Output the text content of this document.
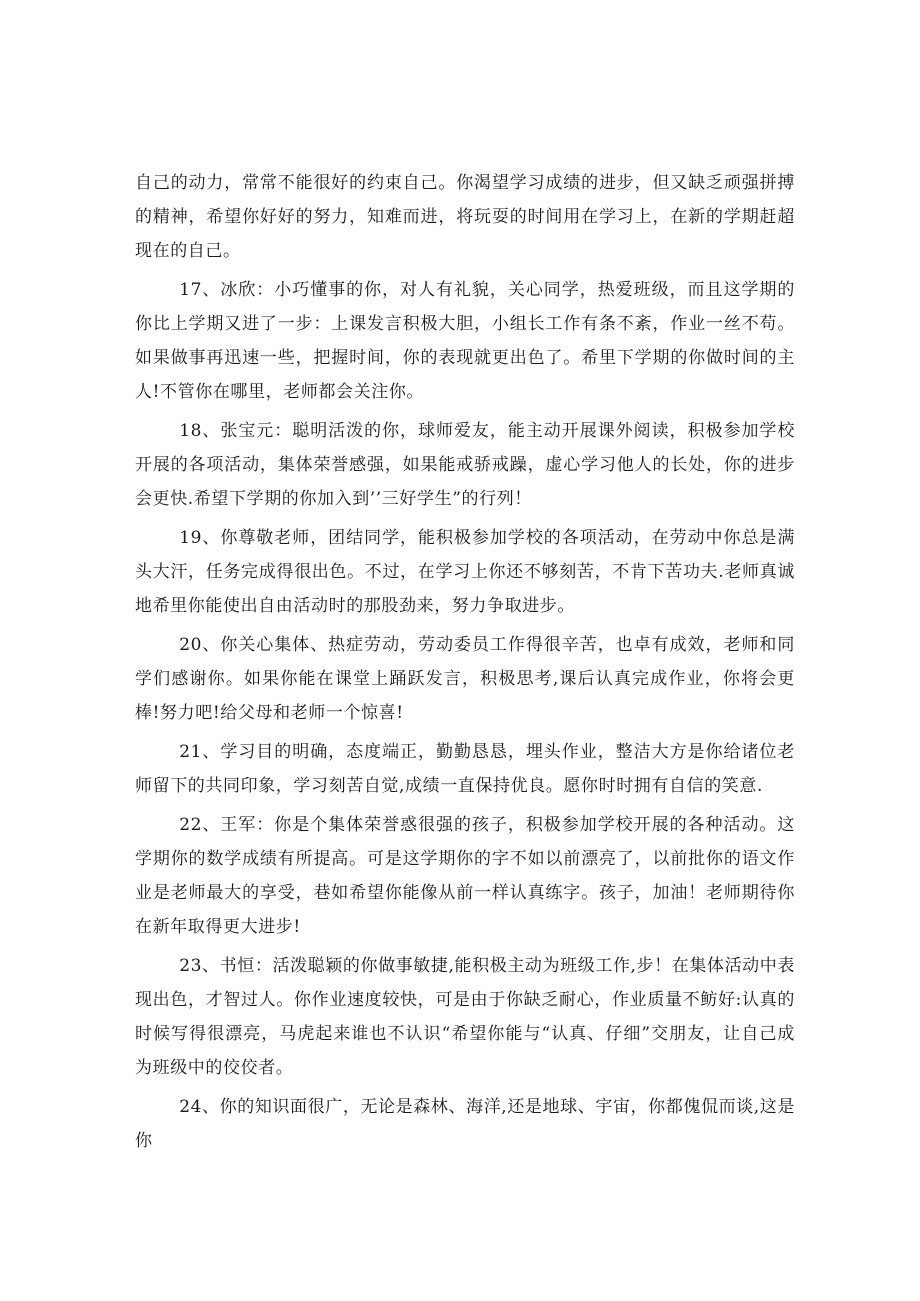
自己的动力，常常不能很好的约束自己。你渴望学习成绩的进步，但又缺乏顽强拼搏的精神，希望你好好的努力，知难而进，将玩耍的时间用在学习上，在新的学期赶超现在的自己。

17、冰欣：小巧懂事的你，对人有礼貌，关心同学，热爱班级，而且这学期的你比上学期又进了一步：上课发言积极大胆，小组长工作有条不紊，作业一丝不苟。如果做事再迅速一些，把握时间，你的表现就更出色了。希里下学期的你做时间的主人!不管你在哪里，老师都会关注你。

18、张宝元：聪明活泼的你，球师爱友，能主动开展课外阅读，积极参加学校开展的各项活动，集体荣誉感强，如果能戒骄戒躁，虚心学习他人的长处，你的进步会更快.希望下学期的你加入到’’三好学生”的行列！

19、你尊敬老师，团结同学，能积极参加学校的各项活动，在劳动中你总是满头大汗，任务完成得很出色。不过，在学习上你还不够刻苦，不肯下苦功夫.老师真诚地希里你能使出自由活动时的那股劲来，努力争取进步。

20、你关心集体、热症劳动，劳动委员工作得很辛苦，也卓有成效，老师和同学们感谢你。如果你能在课堂上踊跃发言，积极思考,课后认真完成作业，你将会更棒!努力吧!给父母和老师一个惊喜!

21、学习目的明确，态度端正，勤勤恳恳，埋头作业，整洁大方是你给诸位老师留下的共同印象，学习刻苦自觉,成绩一直保持优良。愿你时时拥有自信的笑意.

22、王军：你是个集体荣誉惑很强的孩子，积极参加学校开展的各种活动。这学期你的数学成绩有所提高。可是这学期你的字不如以前漂亮了，以前批你的语文作业是老师最大的享受，巷如希望你能像从前一样认真练字。孩子，加油！老师期待你在新年取得更大进步!

23、书恒：活泼聪颖的你做事敏捷,能积极主动为班级工作,步！在集体活动中表现出色，才智过人。你作业速度较快，可是由于你缺乏耐心，作业质量不鲂好:认真的时候写得很漂亮，马虎起来谁也不认识“希望你能与“认真、仔细”交朋友，让自己成为班级中的佼佼者。

24、你的知识面很广，无论是森林、海洋,还是地球、宇宙，你都傀侃而谈,这是你
